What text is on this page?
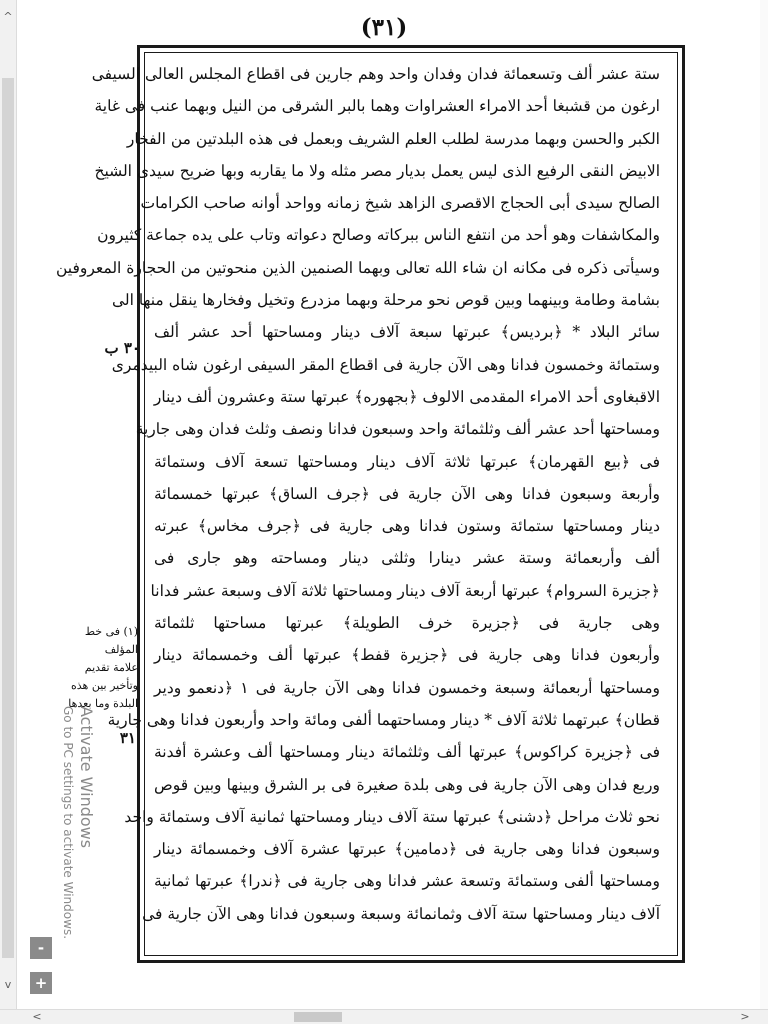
^
v
-
+
(٣١)
٣٠ ب
(١) فى خط المؤلف
علامة تقديم
وتأخير بين هذه
البلدة وما بعدها
٣١
ستة عشر ألف وتسعمائة فدان وفدان واحد وهم جارين فى اقطاع المجلس العالى السيفى
ارغون من قشبغا أحد الامراء العشراوات وهما بالبر الشرقى من النيل وبهما عنب فى غاية
الكبر والحسن وبهما مدرسة لطلب العلم الشريف وبعمل فى هذه البلدتين من الفخار
الابيض النقى الرفيع الذى ليس يعمل بديار مصر مثله ولا ما يقاربه وبها ضريح سيدى الشيخ
الصالح سيدى أبى الحجاج الاقصرى الزاهد شيخ زمانه وواحد أوانه صاحب الكرامات
والمكاشفات وهو أحد من انتفع الناس ببركاته وصالح دعواته وتاب على يده جماعة كثيرون
وسيأتى ذكره فى مكانه ان شاء الله تعالى وبهما الصنمين الذين منحوتين من الحجارة المعروفين
بشامة وطامة وبينهما وبين قوص نحو مرحلة وبهما مزدرع وتخيل وفخارها ينقل منها الى
سائر البلاد * ﴿برديس﴾ عبرتها سبعة آلاف دينار ومساحتها أحد عشر ألف
وستمائة وخمسون فدانا وهى الآن جارية فى اقطاع المقر السيفى ارغون شاه البيدمرى
الاقبغاوى أحد الامراء المقدمى الالوف ﴿بجهوره﴾ عبرتها ستة وعشرون ألف دينار
ومساحتها أحد عشر ألف وثلثمائة واحد وسبعون فدانا ونصف وثلث فدان وهى جارية
فى ﴿بيع القهرمان﴾ عبرتها ثلاثة آلاف دينار ومساحتها تسعة آلاف وستمائة
وأربعة وسبعون فدانا وهى الآن جارية فى ﴿جرف الساق﴾ عبرتها خمسمائة
دينار ومساحتها ستمائة وستون فدانا وهى جارية فى ﴿جرف مخاس﴾ عبرته
ألف وأربعمائة وستة عشر دينارا وثلثى دينار ومساحته وهو جارى فى
﴿جزيرة السروام﴾ عبرتها أربعة آلاف دينار ومساحتها ثلاثة آلاف وسبعة عشر فدانا
وهى جارية فى ﴿جزيرة خرف الطويلة﴾ عبرتها مساحتها ثلثمائة
وأربعون فدانا وهى جارية فى ﴿جزيرة قفط﴾ عبرتها ألف وخمسمائة دينار
ومساحتها أربعمائة وسبعة وخمسون فدانا وهى الآن جارية فى ١ ﴿دنعمو ودير
قطان﴾ عبرتهما ثلاثة آلاف * دينار ومساحتهما ألفى ومائة واحد وأربعون فدانا وهى جارية
فى ﴿جزيرة كراكوس﴾ عبرتها ألف وثلثمائة دينار ومساحتها ألف وعشرة أفدنة
وربع فدان وهى الآن جارية فى وهى بلدة صغيرة فى بر الشرق وبينها وبين قوص
نحو ثلاث مراحل ﴿دشنى﴾ عبرتها ستة آلاف دينار ومساحتها ثمانية آلاف وستمائة واحد
وسبعون فدانا وهى جارية فى ﴿دمامين﴾ عبرتها عشرة آلاف وخمسمائة دينار
ومساحتها ألفى وستمائة وتسعة عشر فدانا وهى جارية فى ﴿ندرا﴾ عبرتها ثمانية
آلاف دينار ومساحتها ستة آلاف وثمانمائة وسبعة وسبعون فدانا وهى الآن جارية فى
Activate Windows
Go to PC settings to activate Windows.
<	>
